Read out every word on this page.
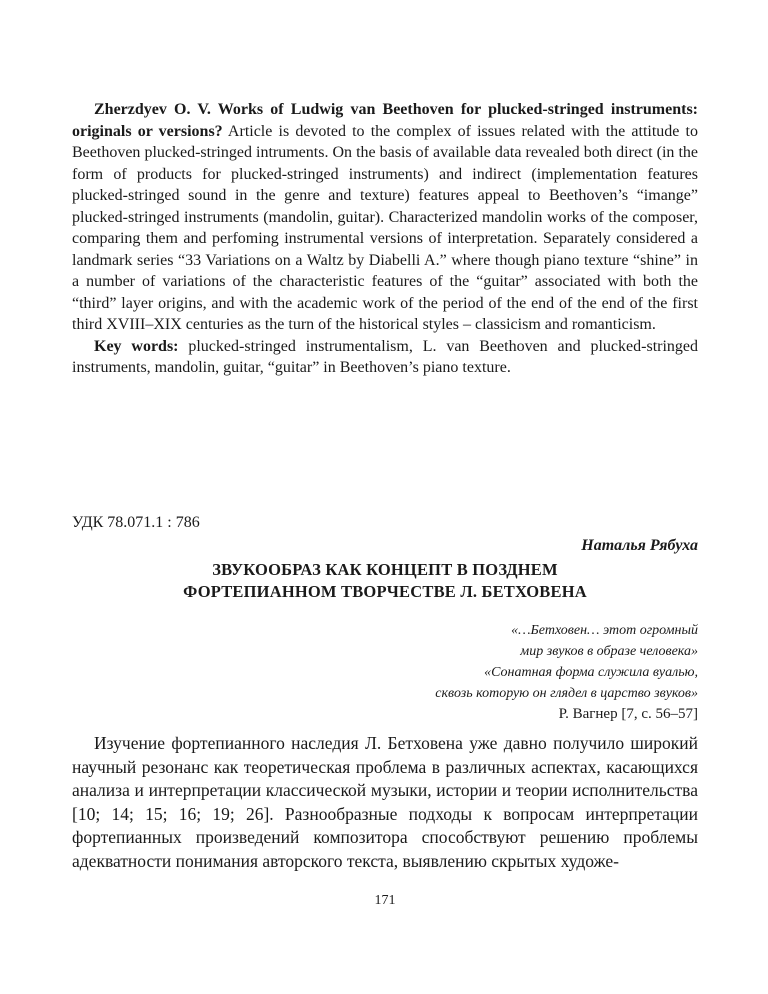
Zherzdyev O. V. Works of Ludwig van Beethoven for plucked-stringed instruments: originals or versions? Article is devoted to the complex of issues related with the attitude to Beethoven plucked-stringed intruments. On the basis of available data revealed both direct (in the form of products for plucked-stringed instruments) and indirect (implementation features plucked-stringed sound in the genre and texture) features appeal to Beethoven’s “imange” plucked-stringed instruments (mandolin, guitar). Characterized mandolin works of the composer, comparing them and perfoming instrumental versions of interpretation. Separately considered a landmark series “33 Variations on a Waltz by Diabelli A.” where though piano texture “shine” in a number of variations of the characteristic features of the “guitar” associated with both the “third” layer origins, and with the academic work of the period of the end of the end of the first third XVIII–XIX centuries as the turn of the historical styles – classicism and romanticism.

Key words: plucked-stringed instrumentalism, L. van Beethoven and plucked-stringed instruments, mandolin, guitar, “guitar” in Beethoven’s piano texture.

УДК 78.071.1 : 786

Наталья Рябуха

ЗВУКООБРАЗ КАК КОНЦЕПТ В ПОЗДНЕМ
ФОРТЕПИАННОМ ТВОРЧЕСТВЕ Л. БЕТХОВЕНА
«…Бетховен… этот огромный
мир звуков в образе человека»
«Сонатная форма служила вуалью,
сквозь которую он глядел в царство звуков»
Р. Вагнер [7, с. 56–57]

Изучение фортепианного наследия Л. Бетховена уже давно получило широкий научный резонанс как теоретическая проблема в различных аспектах, касающихся анализа и интерпретации классической музыки, истории и теории исполнительства [10; 14; 15; 16; 19; 26]. Разнообразные подходы к вопросам интерпретации фортепианных произведений композитора способствуют решению проблемы адекватности понимания авторского текста, выявлению скрытых художе-

171
